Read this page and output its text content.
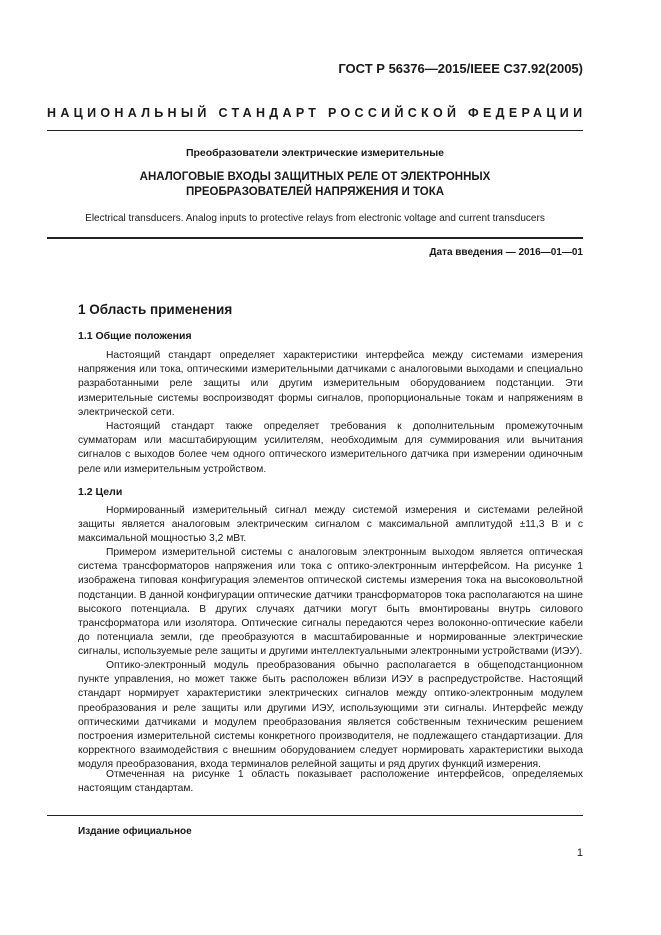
ГОСТ Р 56376—2015/IEEE C37.92(2005)
НАЦИОНАЛЬНЫЙ СТАНДАРТ РОССИЙСКОЙ ФЕДЕРАЦИИ
Преобразователи электрические измерительные
АНАЛОГОВЫЕ ВХОДЫ ЗАЩИТНЫХ РЕЛЕ ОТ ЭЛЕКТРОННЫХ ПРЕОБРАЗОВАТЕЛЕЙ НАПРЯЖЕНИЯ И ТОКА
Electrical transducers. Analog inputs to protective relays from electronic voltage and current transducers
Дата введения — 2016—01—01
1 Область применения
1.1 Общие положения
Настоящий стандарт определяет характеристики интерфейса между системами измерения напряжения или тока, оптическими измерительными датчиками с аналоговыми выходами и специально разработанными реле защиты или другим измерительным оборудованием подстанции. Эти измерительные системы воспроизводят формы сигналов, пропорциональные токам и напряжениям в электрической сети.
Настоящий стандарт также определяет требования к дополнительным промежуточным сумматорам или масштабирующим усилителям, необходимым для суммирования или вычитания сигналов с выходов более чем одного оптического измерительного датчика при измерении одиночным реле или измерительным устройством.
1.2 Цели
Нормированный измерительный сигнал между системой измерения и системами релейной защиты является аналоговым электрическим сигналом с максимальной амплитудой ±11,3 В и с максимальной мощностью 3,2 мВт.
Примером измерительной системы с аналоговым электронным выходом является оптическая система трансформаторов напряжения или тока с оптико-электронным интерфейсом. На рисунке 1 изображена типовая конфигурация элементов оптической системы измерения тока на высоковольтной подстанции. В данной конфигурации оптические датчики трансформаторов тока располагаются на шине высокого потенциала. В других случаях датчики могут быть вмонтированы внутрь силового трансформатора или изолятора. Оптические сигналы передаются через волоконно-оптические кабели до потенциала земли, где преобразуются в масштабированные и нормированные электрические сигналы, используемые реле защиты и другими интеллектуальными электронными устройствами (ИЭУ).
Оптико-электронный модуль преобразования обычно располагается в общеподстанционном пункте управления, но может также быть расположен вблизи ИЭУ в распредустройстве. Настоящий стандарт нормирует характеристики электрических сигналов между оптико-электронным модулем преобразования и реле защиты или другими ИЭУ, использующими эти сигналы. Интерфейс между оптическими датчиками и модулем преобразования является собственным техническим решением построения измерительной системы конкретного производителя, не подлежащего стандартизации. Для корректного взаимодействия с внешним оборудованием следует нормировать характеристики выхода модуля преобразования, входа терминалов релейной защиты и ряд других функций измерения.
Отмеченная на рисунке 1 область показывает расположение интерфейсов, определяемых настоящим стандартам.
Издание официальное
1
